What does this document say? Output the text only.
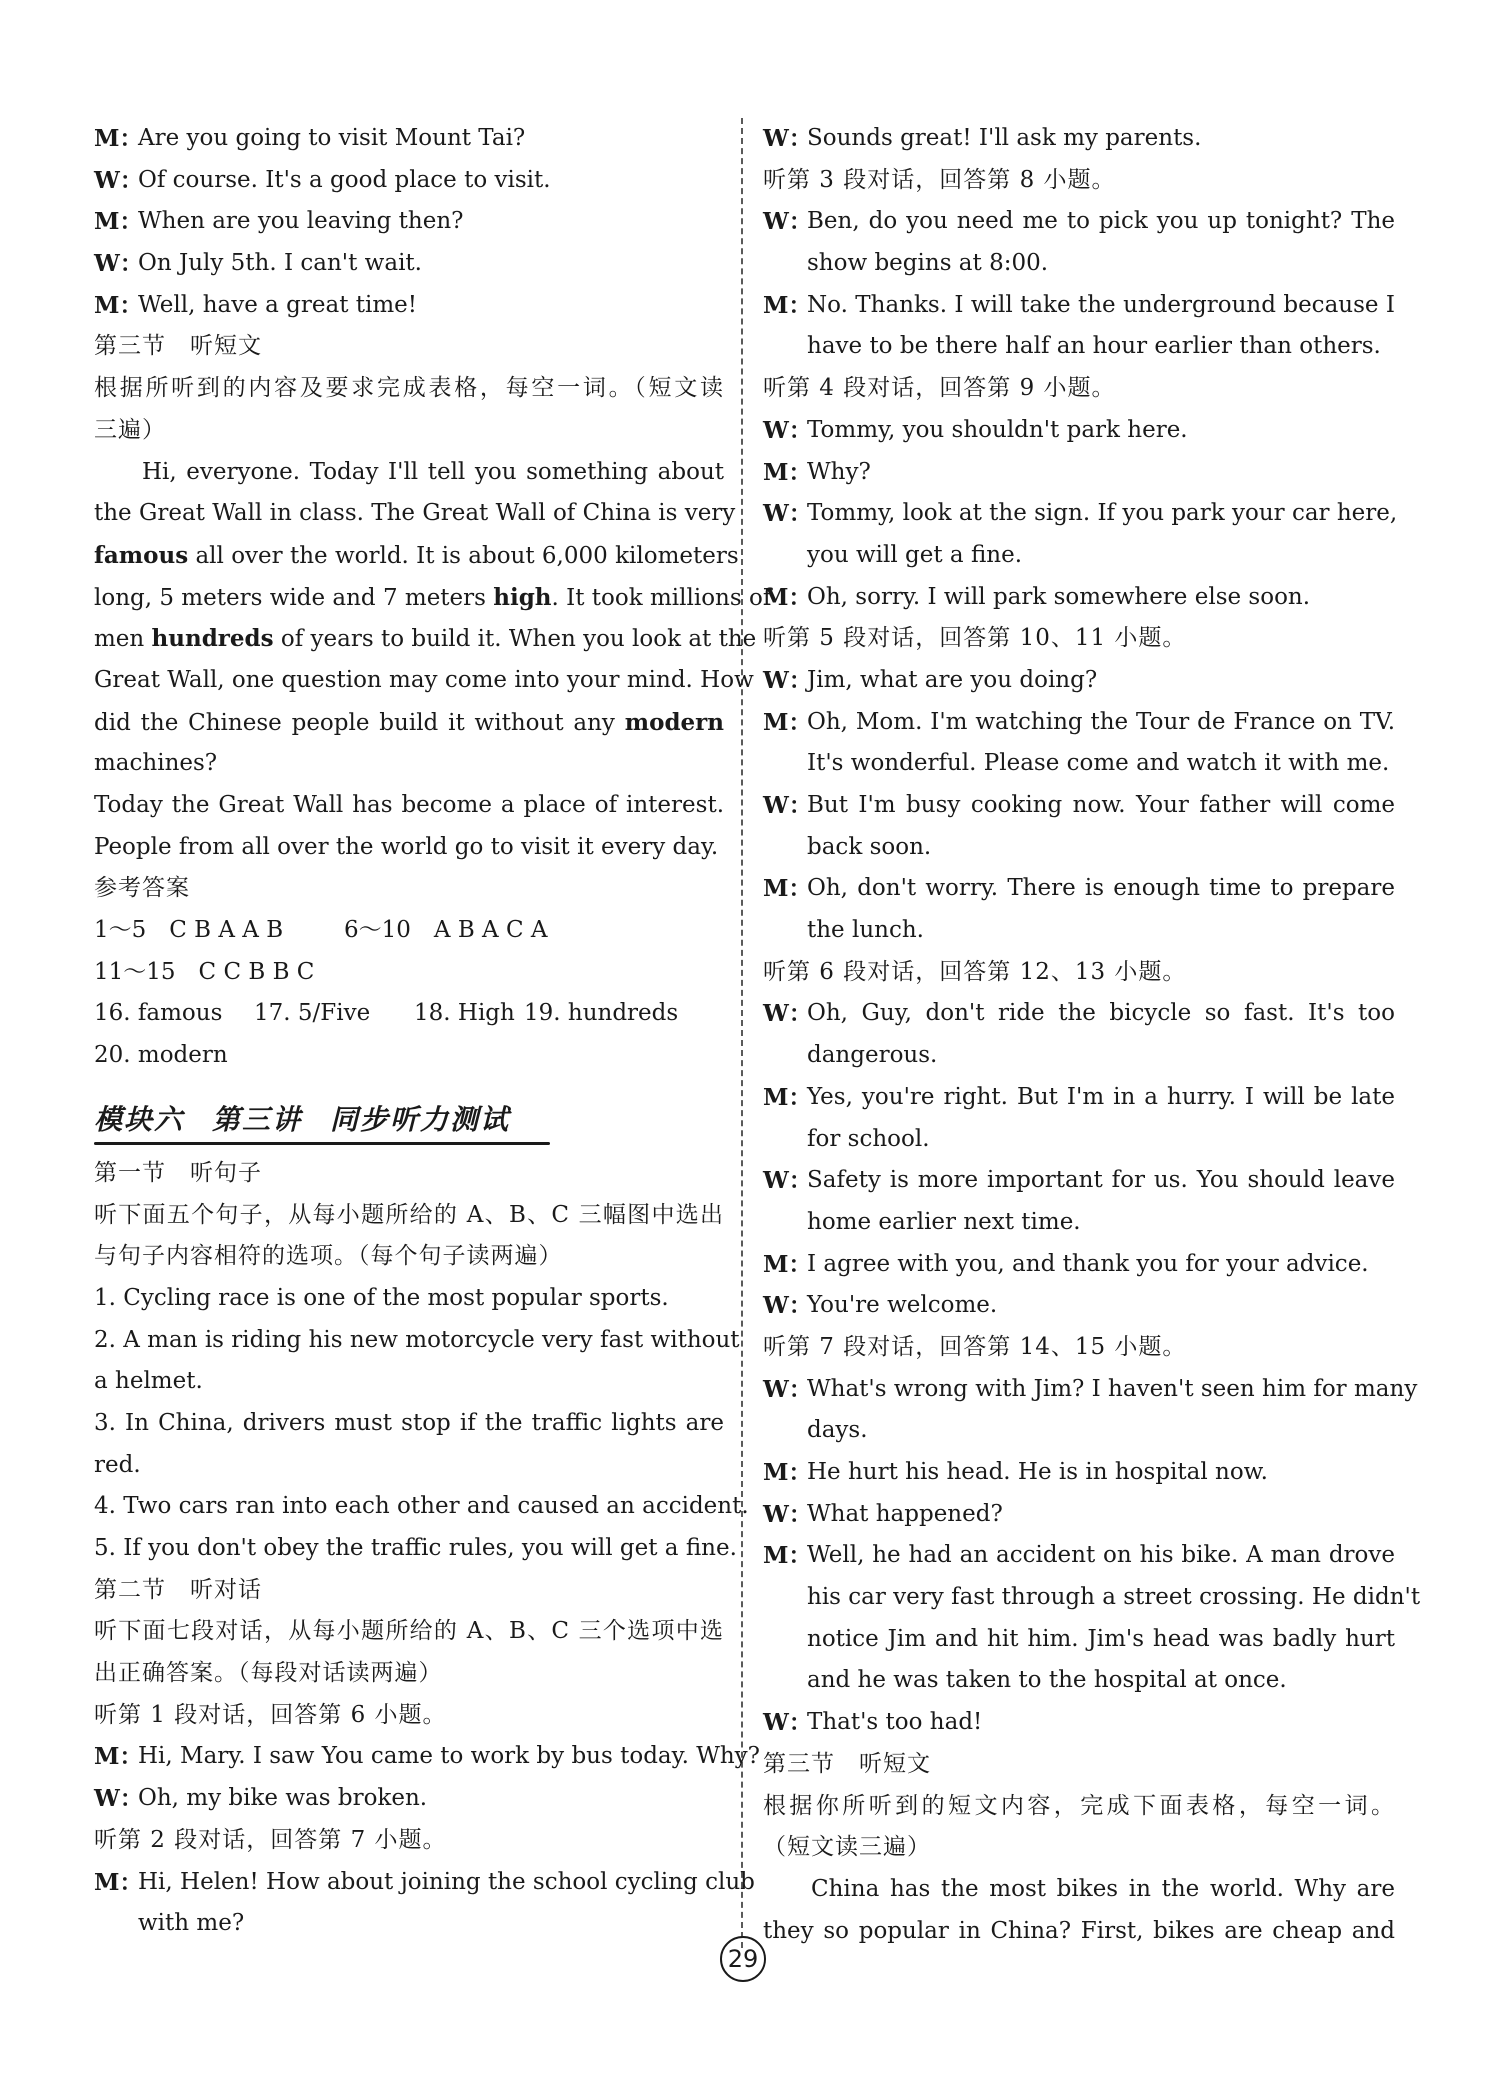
M：
Are you going to visit Mount Tai?
W：
Of course. It's a good place to visit.
M：
When are you leaving then?
W：
On July 5th. I can't wait.
M：
Well, have a great time!
第三节　听短文
根据所听到的内容及要求完成表格，每空一词。（短文读
三遍）
Hi, everyone. Today I'll tell you something about
the Great Wall in class. The Great Wall of China is very
famous all over the world. It is about 6,000 kilometers
long, 5 meters wide and 7 meters high. It took millions of
men hundreds of years to build it. When you look at the
Great Wall, one question may come into your mind. How
did the Chinese people build it without any modern
machines?
Today the Great Wall has become a place of interest.
People from all over the world go to visit it every day.
参考答案
1～5　C B A A B	6～10　A B A C A
11～15　C C B B C
16. famous 17. 5/Five 18. High 19. hundreds
20. modern
模块六 第三讲 同步听力测试
第一节　听句子
听下面五个句子，从每小题所给的 A、B、C 三幅图中选出
与句子内容相符的选项。（每个句子读两遍）
1. Cycling race is one of the most popular sports.
2. A man is riding his new motorcycle very fast without
a helmet.
3. In China, drivers must stop if the traffic lights are
red.
4. Two cars ran into each other and caused an accident.
5. If you don't obey the traffic rules, you will get a fine.
第二节　听对话
听下面七段对话，从每小题所给的 A、B、C 三个选项中选
出正确答案。（每段对话读两遍）
听第 1 段对话，回答第 6 小题。
M：
Hi, Mary. I saw You came to work by bus today. Why?
W：
Oh, my bike was broken.
听第 2 段对话，回答第 7 小题。
M：
Hi, Helen! How about joining the school cycling club
with me?
W：
Sounds great! I'll ask my parents.
听第 3 段对话，回答第 8 小题。
W：
Ben, do you need me to pick you up tonight? The
show begins at 8:00.
M：
No. Thanks. I will take the underground because I
have to be there half an hour earlier than others.
听第 4 段对话，回答第 9 小题。
W：
Tommy, you shouldn't park here.
M：
Why?
W：
Tommy, look at the sign. If you park your car here,
you will get a fine.
M：
Oh, sorry. I will park somewhere else soon.
听第 5 段对话，回答第 10、11 小题。
W：
Jim, what are you doing?
M：
Oh, Mom. I'm watching the Tour de France on TV.
It's wonderful. Please come and watch it with me.
W：
But I'm busy cooking now. Your father will come
back soon.
M：
Oh, don't worry. There is enough time to prepare
the lunch.
听第 6 段对话，回答第 12、13 小题。
W：
Oh, Guy, don't ride the bicycle so fast. It's too
dangerous.
M：
Yes, you're right. But I'm in a hurry. I will be late
for school.
W：
Safety is more important for us. You should leave
home earlier next time.
M：
I agree with you, and thank you for your advice.
W：
You're welcome.
听第 7 段对话，回答第 14、15 小题。
W：
What's wrong with Jim? I haven't seen him for many
days.
M：
He hurt his head. He is in hospital now.
W：
What happened?
M：
Well, he had an accident on his bike. A man drove
his car very fast through a street crossing. He didn't
notice Jim and hit him. Jim's head was badly hurt
and he was taken to the hospital at once.
W：
That's too had!
第三节　听短文
根据你所听到的短文内容，完成下面表格，每空一词。
（短文读三遍）
China has the most bikes in the world. Why are
they so popular in China? First, bikes are cheap and
29
